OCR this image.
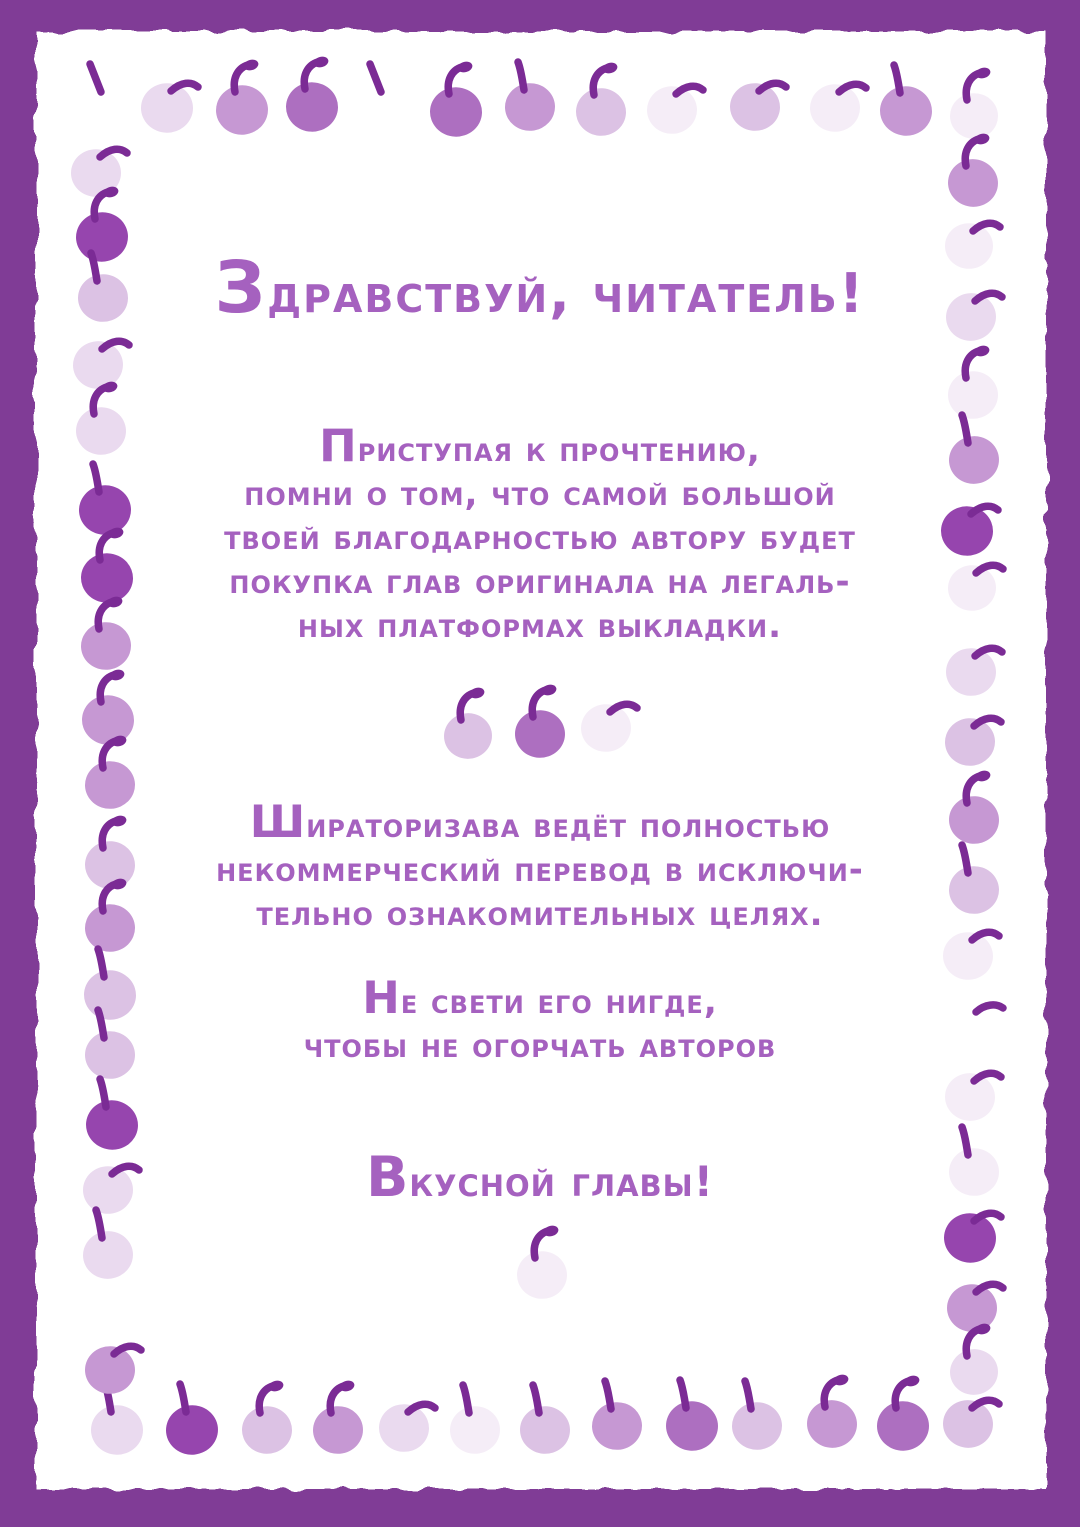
Здравствуй, читатель!
Приступая к прочтению,
помни о том, что самой большой
твоей благодарностью автору будет
покупка глав оригинала на легаль-
ных платформах выкладки.
Шираторизава ведёт полностью
некоммерческий перевод в исключи-
тельно ознакомительных целях.
Не свети его нигде,
чтобы не огорчать авторов
Вкусной главы!
